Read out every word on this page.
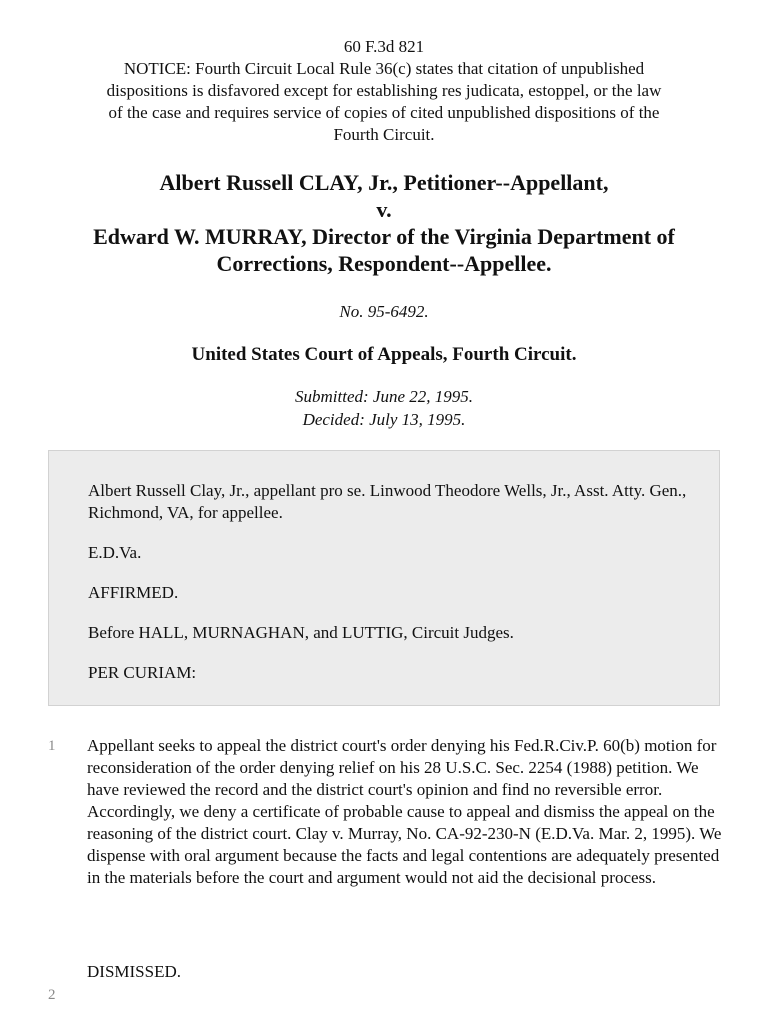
60 F.3d 821
NOTICE: Fourth Circuit Local Rule 36(c) states that citation of unpublished
dispositions is disfavored except for establishing res judicata, estoppel, or the law
of the case and requires service of copies of cited unpublished dispositions of the
Fourth Circuit.
Albert Russell CLAY, Jr., Petitioner--Appellant,
v.
Edward W. MURRAY, Director of the Virginia Department of
Corrections, Respondent--Appellee.
No. 95-6492.
United States Court of Appeals, Fourth Circuit.
Submitted: June 22, 1995.
Decided: July 13, 1995.

Albert Russell Clay, Jr., appellant pro se. Linwood Theodore Wells, Jr., Asst. Atty. Gen., Richmond, VA, for appellee.

E.D.Va.

AFFIRMED.

Before HALL, MURNAGHAN, and LUTTIG, Circuit Judges.

PER CURIAM:

1 Appellant seeks to appeal the district court's order denying his Fed.R.Civ.P. 60(b) motion for reconsideration of the order denying relief on his 28 U.S.C. Sec. 2254 (1988) petition. We have reviewed the record and the district court's opinion and find no reversible error. Accordingly, we deny a certificate of probable cause to appeal and dismiss the appeal on the reasoning of the district court. Clay v. Murray, No. CA-92-230-N (E.D.Va. Mar. 2, 1995). We dispense with oral argument because the facts and legal contentions are adequately presented in the materials before the court and argument would not aid the decisional process.
DISMISSED.
2
